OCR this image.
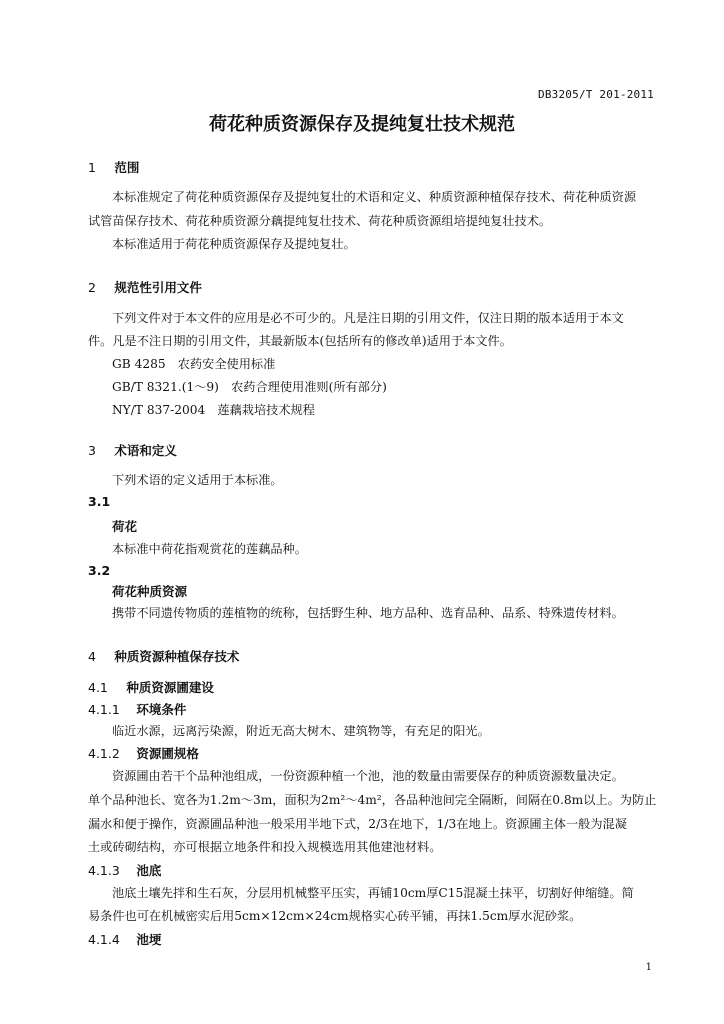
DB3205/T 201-2011
荷花种质资源保存及提纯复壮技术规范
1 范围
本标准规定了荷花种质资源保存及提纯复壮的术语和定义、种质资源种植保存技术、荷花种质资源
试管苗保存技术、荷花种质资源分藕提纯复壮技术、荷花种质资源组培提纯复壮技术。
本标准适用于荷花种质资源保存及提纯复壮。
2 规范性引用文件
下列文件对于本文件的应用是必不可少的。凡是注日期的引用文件，仅注日期的版本适用于本文
件。凡是不注日期的引用文件，其最新版本(包括所有的修改单)适用于本文件。
GB 4285　农药安全使用标准
GB/T 8321.(1～9)　农药合理使用准则(所有部分)
NY/T 837-2004　莲藕栽培技术规程
3 术语和定义
下列术语的定义适用于本标准。
3.1
荷花
本标准中荷花指观赏花的莲藕品种。
3.2
荷花种质资源
携带不同遗传物质的莲植物的统称，包括野生种、地方品种、选育品种、品系、特殊遗传材料。
4 种质资源种植保存技术
4.1 种质资源圃建设
4.1.1 环境条件
临近水源，远离污染源，附近无高大树木、建筑物等，有充足的阳光。
4.1.2 资源圃规格
资源圃由若干个品种池组成，一份资源种植一个池，池的数量由需要保存的种质资源数量决定。
单个品种池长、宽各为1.2m～3m，面积为2m²～4m²，各品种池间完全隔断，间隔在0.8m以上。为防止
漏水和便于操作，资源圃品种池一般采用半地下式，2/3在地下，1/3在地上。资源圃主体一般为混凝
土或砖砌结构，亦可根据立地条件和投入规模选用其他建池材料。
4.1.3 池底
池底土壤先拌和生石灰，分层用机械整平压实，再铺10cm厚C15混凝土抹平，切割好伸缩缝。简
易条件也可在机械密实后用5cm×12cm×24cm规格实心砖平铺，再抹1.5cm厚水泥砂浆。
4.1.4 池埂
1
